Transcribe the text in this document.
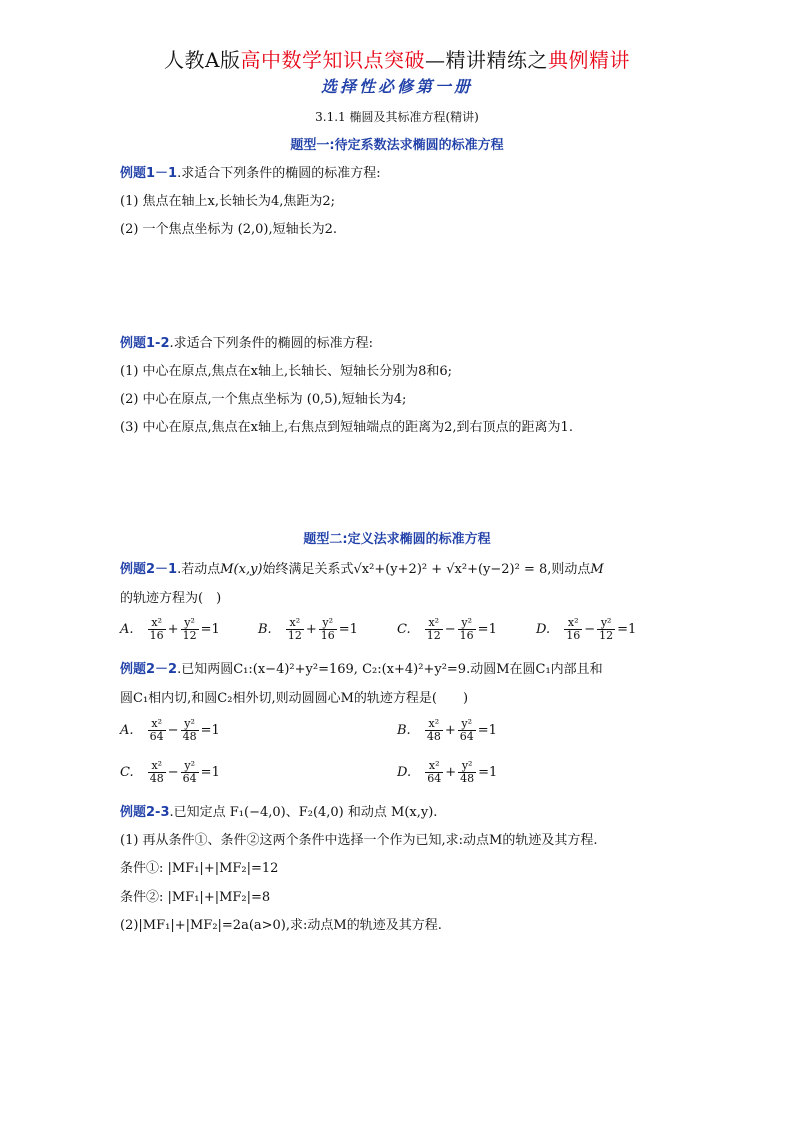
人教A版高中数学知识点突破—精讲精练之典例精讲
选择性必修第一册
3.1.1 椭圆及其标准方程(精讲)
题型一:待定系数法求椭圆的标准方程
例题1－1.求适合下列条件的椭圆的标准方程:
(1) 焦点在轴上x,长轴长为4,焦距为2;
(2) 一个焦点坐标为 (2,0),短轴长为2.
例题1-2.求适合下列条件的椭圆的标准方程:
(1) 中心在原点,焦点在x轴上,长轴长、短轴长分别为8和6;
(2) 中心在原点,一个焦点坐标为 (0,5),短轴长为4;
(3) 中心在原点,焦点在x轴上,右焦点到短轴端点的距离为2,到右顶点的距离为1.
题型二:定义法求椭圆的标准方程
例题2－1.若动点M(x,y)始终满足关系式√x²+(y+2)² + √x²+(y−2)² = 8,则动点M
的轨迹方程为(　)
A. $\frac{\text{x²}}{16} + \frac{\text{y²}}{12} =1$	B. $\frac{\text{x²}}{12} + \frac{\text{y²}}{16} =1$	C. $\frac{\text{x²}}{12} - \frac{\text{y²}}{16} =1$	D. $\frac{\text{x²}}{16} - \frac{\text{y²}}{12} =1$
例题2－2.已知两圆C₁:(x−4)²+y²=169, C₂:(x+4)²+y²=9.动圆M在圆C₁内部且和
圆C₁相内切,和圆C₂相外切,则动圆圆心M的轨迹方程是(　　)
A. $\frac{\text{x²}}{64} - \frac{\text{y²}}{48} =1$	B. $\frac{\text{x²}}{48} + \frac{\text{y²}}{64} =1$
C. $\frac{\text{x²}}{48} - \frac{\text{y²}}{64} =1$	D. $\frac{\text{x²}}{64} + \frac{\text{y²}}{48} =1$
例题2-3.已知定点 F₁(−4,0)、F₂(4,0) 和动点 M(x,y).
(1) 再从条件①、条件②这两个条件中选择一个作为已知,求:动点M的轨迹及其方程.
条件①: |MF₁|+|MF₂|=12
条件②: |MF₁|+|MF₂|=8
(2)|MF₁|+|MF₂|=2a(a>0),求:动点M的轨迹及其方程.
